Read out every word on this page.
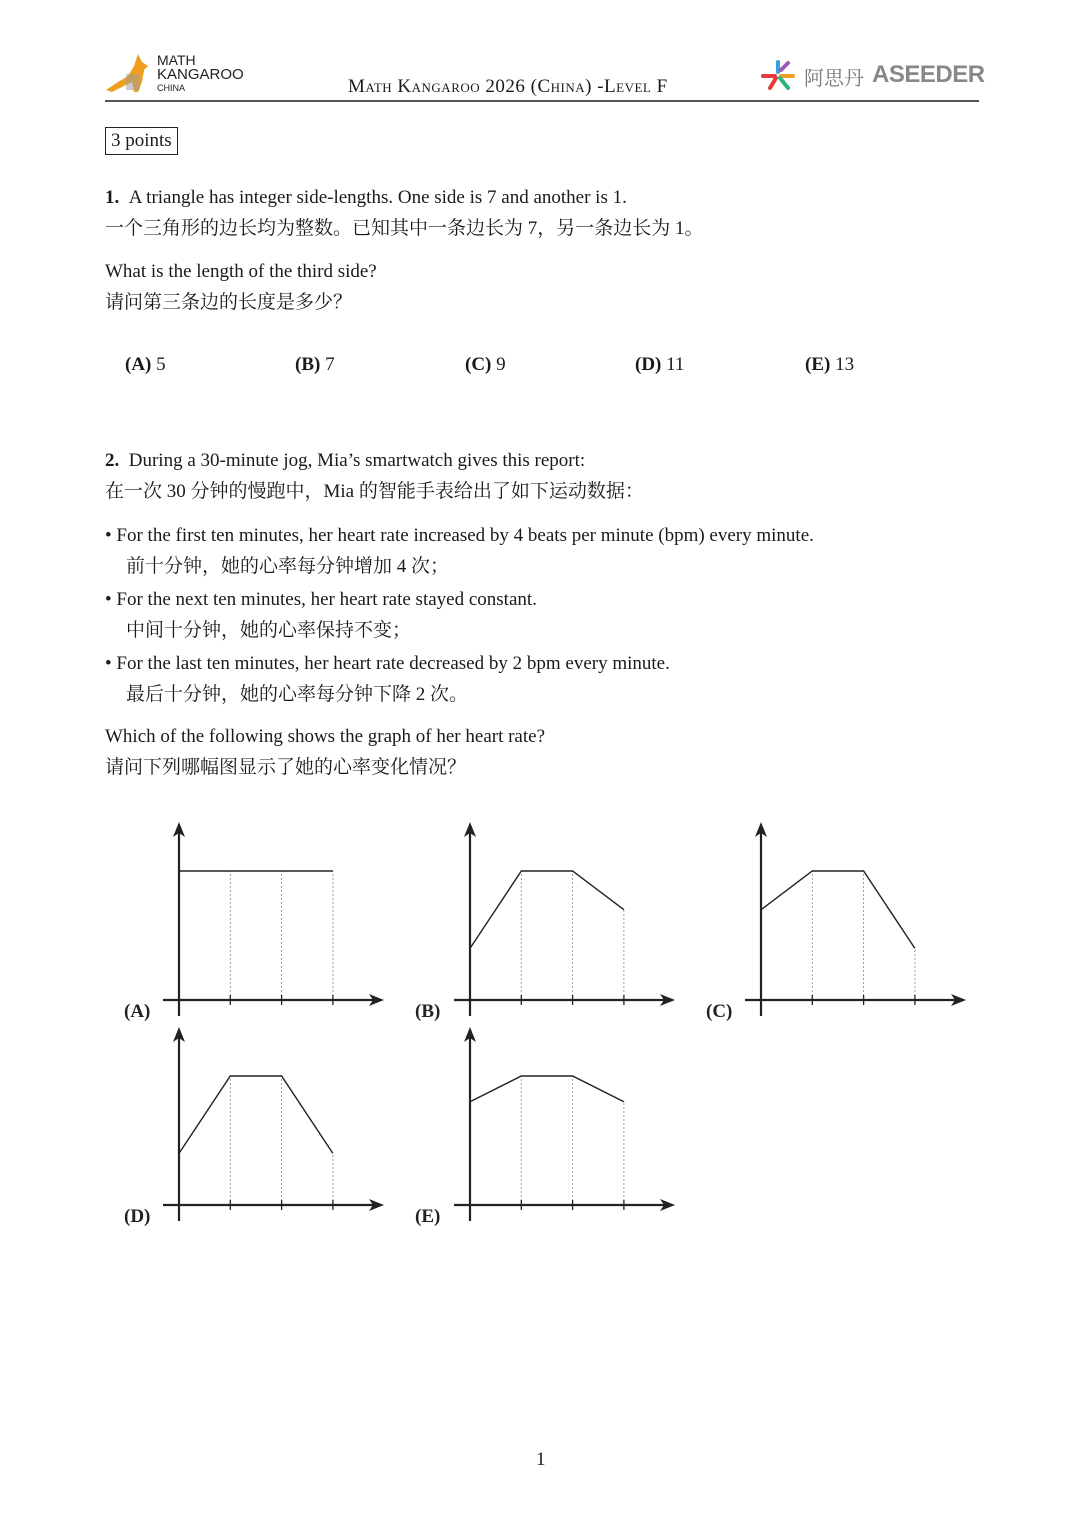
MATH
KANGAROO
CHINA	Math Kangaroo 2026 (China) -Level F	阿思丹 ASEEDER
3 points
1. A triangle has integer side-lengths. One side is 7 and another is 1.
一个三角形的边长均为整数。已知其中一条边长为 7，另一条边长为 1。
What is the length of the third side?
请问第三条边的长度是多少？
(A) 5	(B) 7	(C) 9	(D) 11	(E) 13
2. During a 30-minute jog, Mia’s smartwatch gives this report:
在一次 30 分钟的慢跑中，Mia 的智能手表给出了如下运动数据：
• For the first ten minutes, her heart rate increased by 4 beats per minute (bpm) every minute.
前十分钟，她的心率每分钟增加 4 次；
• For the next ten minutes, her heart rate stayed constant.
中间十分钟，她的心率保持不变；
• For the last ten minutes, her heart rate decreased by 2 bpm every minute.
最后十分钟，她的心率每分钟下降 2 次。
Which of the following shows the graph of her heart rate?
请问下列哪幅图显示了她的心率变化情况？
(A)	(B)	(C)
(D)	(E)
1
